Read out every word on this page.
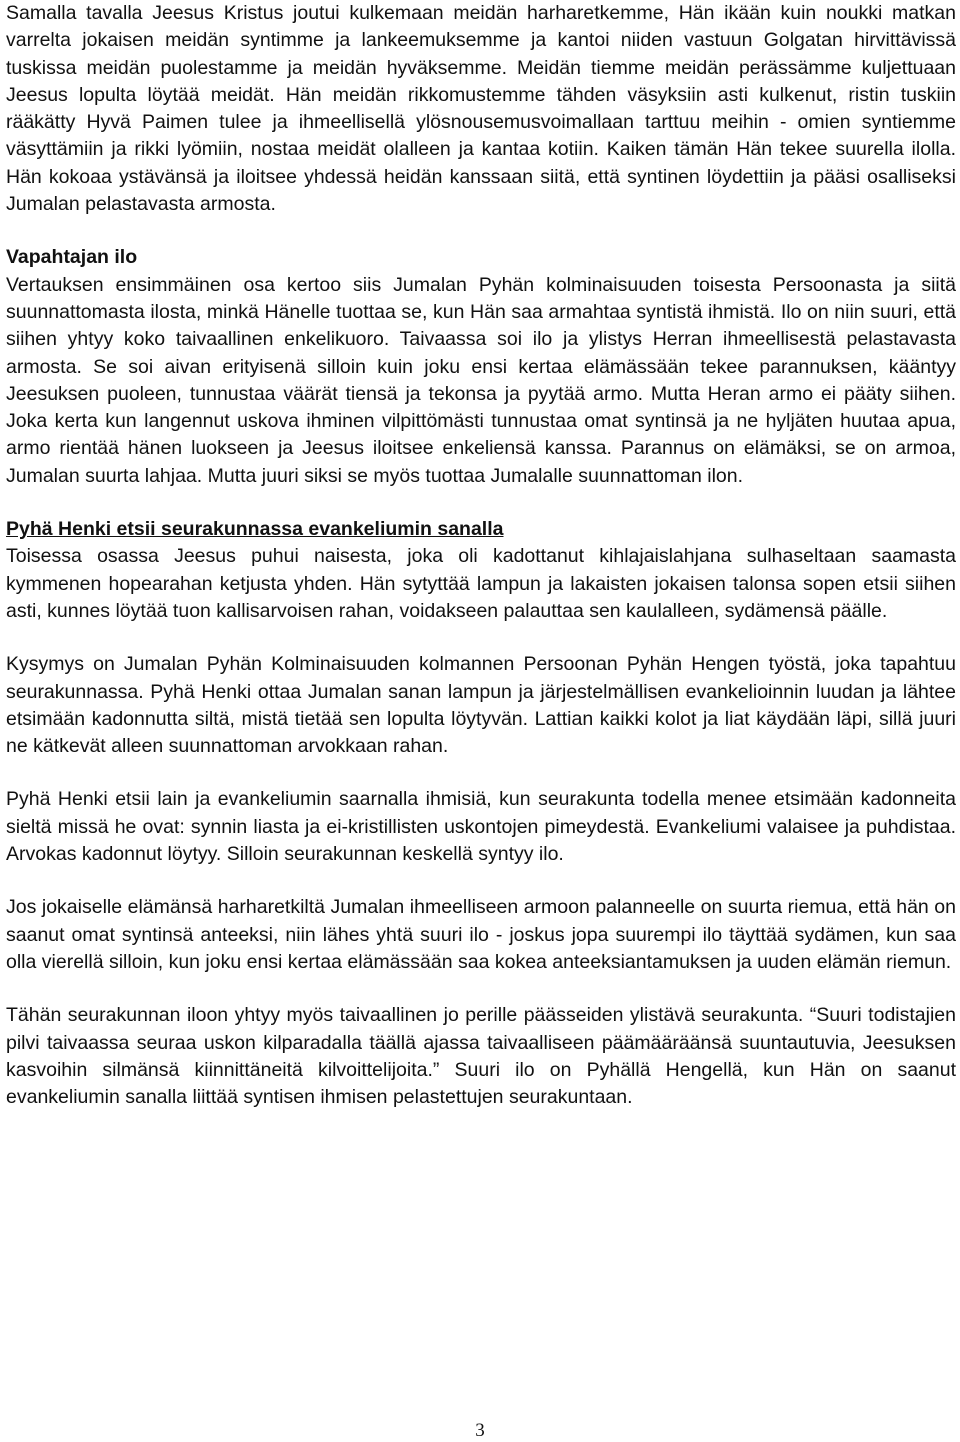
Samalla tavalla Jeesus Kristus joutui kulkemaan meidän harharetkemme, Hän ikään kuin noukki matkan varrelta jokaisen meidän syntimme ja lankeemuksemme ja kantoi niiden vastuun Golgatan hirvittävissä tuskissa meidän puolestamme ja meidän hyväksemme. Meidän tiemme meidän perässämme kuljettuaan Jeesus lopulta löytää meidät. Hän meidän rikkomustemme tähden väsyksiin asti kulkenut, ristin tuskiin rääkätty Hyvä Paimen tulee ja ihmeellisellä ylösnousemusvoimallaan tarttuu meihin - omien syntiemme väsyttämiin ja rikki lyömiin, nostaa meidät olalleen ja kantaa kotiin. Kaiken tämän Hän tekee suurella ilolla. Hän kokoaa ystävänsä ja iloitsee yhdessä heidän kanssaan siitä, että syntinen löydettiin ja pääsi osalliseksi Jumalan pelastavasta armosta.

Vapahtajan ilo

Vertauksen ensimmäinen osa kertoo siis Jumalan Pyhän kolminaisuuden toisesta Persoonasta ja siitä suunnattomasta ilosta, minkä Hänelle tuottaa se, kun Hän saa armahtaa syntistä ihmistä. Ilo on niin suuri, että siihen yhtyy koko taivaallinen enkelikuoro. Taivaassa soi ilo ja ylistys Herran ihmeellisestä pelastavasta armosta. Se soi aivan erityisenä silloin kuin joku ensi kertaa elämässään tekee parannuksen, kääntyy Jeesuksen puoleen, tunnustaa väärät tiensä ja tekonsa ja pyytää armo. Mutta Heran armo ei pääty siihen. Joka kerta kun langennut uskova ihminen vilpittömästi tunnustaa omat syntinsä ja ne hyljäten huutaa apua, armo rientää hänen luokseen ja Jeesus iloitsee enkeliensä kanssa. Parannus on elämäksi, se on armoa, Jumalan suurta lahjaa. Mutta juuri siksi se myös tuottaa Jumalalle suunnattoman ilon.

Pyhä Henki etsii seurakunnassa evankeliumin sanalla

Toisessa osassa Jeesus puhui naisesta, joka oli kadottanut kihlajaislahjana sulhaseltaan saamasta kymmenen hopearahan ketjusta yhden. Hän sytyttää lampun ja lakaisten jokaisen talonsa sopen etsii siihen asti, kunnes löytää tuon kallisarvoisen rahan, voidakseen palauttaa sen kaulalleen, sydämensä päälle.

Kysymys on Jumalan Pyhän Kolminaisuuden kolmannen Persoonan Pyhän Hengen työstä, joka tapahtuu seurakunnassa. Pyhä Henki ottaa Jumalan sanan lampun ja järjestelmällisen evankelioinnin luudan ja lähtee etsimään kadonnutta siltä, mistä tietää sen lopulta löytyvän. Lattian kaikki kolot ja liat käydään läpi, sillä juuri ne kätkevät alleen suunnattoman arvokkaan rahan.

Pyhä Henki etsii lain ja evankeliumin saarnalla ihmisiä, kun seurakunta todella menee etsimään kadonneita sieltä missä he ovat: synnin liasta ja ei-kristillisten uskontojen pimeydestä. Evankeliumi valaisee ja puhdistaa. Arvokas kadonnut löytyy. Silloin seurakunnan keskellä syntyy ilo.

Jos jokaiselle elämänsä harharetkiltä Jumalan ihmeelliseen armoon palanneelle on suurta riemua, että hän on saanut omat syntinsä anteeksi, niin lähes yhtä suuri ilo - joskus jopa suurempi ilo täyttää sydämen, kun saa olla vierellä silloin, kun joku ensi kertaa elämässään saa kokea anteeksiantamuksen ja uuden elämän riemun.

Tähän seurakunnan iloon yhtyy myös taivaallinen jo perille päässeiden ylistävä seurakunta. “Suuri todistajien pilvi taivaassa seuraa uskon kilparadalla täällä ajassa taivaalliseen päämääräänsä suuntautuvia, Jeesuksen kasvoihin silmänsä kiinnittäneitä kilvoittelijoita.” Suuri ilo on Pyhällä Hengellä, kun Hän on saanut evankeliumin sanalla liittää syntisen ihmisen pelastettujen seurakuntaan.

3
